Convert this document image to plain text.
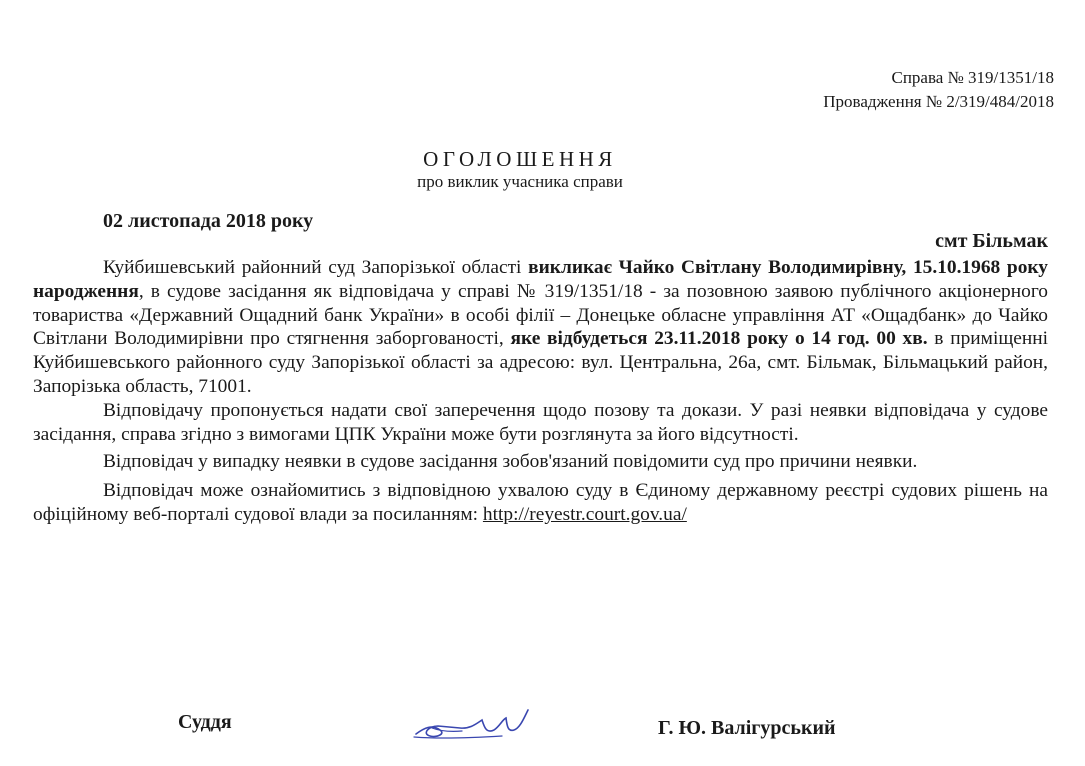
Справа № 319/1351/18
Провадження № 2/319/484/2018
ОГОЛОШЕННЯ
про виклик учасника справи
02 листопада 2018 року
смт Більмак

Куйбишевський районний суд Запорізької області викликає Чайко Світлану Володимирівну, 15.10.1968 року народження, в судове засідання як відповідача у справі № 319/1351/18 - за позовною заявою публічного акціонерного товариства «Державний Ощадний банк України» в особі філії – Донецьке обласне управління АТ «Ощадбанк» до Чайко Світлани Володимирівни про стягнення заборгованості, яке відбудеться 23.11.2018 року о 14 год. 00 хв. в приміщенні Куйбишевського районного суду Запорізької області за адресою: вул. Центральна, 26а, смт. Більмак, Більмацький район, Запорізька область, 71001.

Відповідачу пропонується надати свої заперечення щодо позову та докази. У разі неявки відповідача у судове засідання, справа згідно з вимогами ЦПК України може бути розглянута за його відсутності.

Відповідач у випадку неявки в судове засідання зобов'язаний повідомити суд про причини неявки.

Відповідач може ознайомитись з відповідною ухвалою суду в Єдиному державному реєстрі судових рішень на офіційному веб-порталі судової влади за посиланням: http://reyestr.court.gov.ua/

Суддя	Г. Ю. Валігурський
